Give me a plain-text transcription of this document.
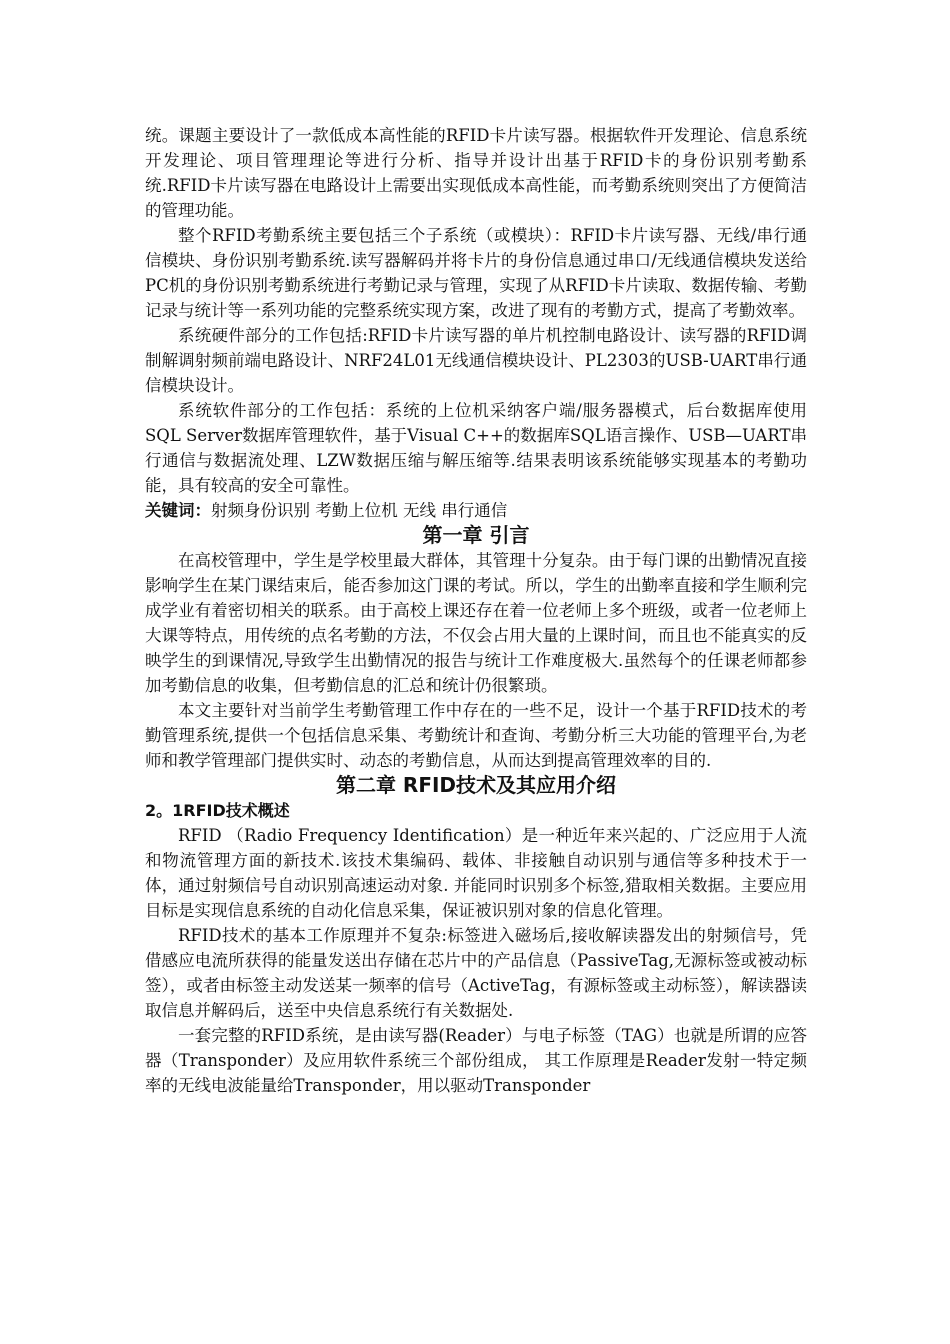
统。课题主要设计了一款低成本高性能的RFID卡片读写器。根据软件开发理论、信息系统开发理论、项目管理理论等进行分析、指导并设计出基于RFID卡的身份识别考勤系统.RFID卡片读写器在电路设计上需要出实现低成本高性能，而考勤系统则突出了方便简洁的管理功能。

整个RFID考勤系统主要包括三个子系统（或模块）：RFID卡片读写器、无线/串行通信模块、身份识别考勤系统.读写器解码并将卡片的身份信息通过串口/无线通信模块发送给PC机的身份识别考勤系统进行考勤记录与管理，实现了从RFID卡片读取、数据传输、考勤记录与统计等一系列功能的完整系统实现方案，改进了现有的考勤方式，提高了考勤效率。

系统硬件部分的工作包括:RFID卡片读写器的单片机控制电路设计、读写器的RFID调制解调射频前端电路设计、NRF24L01无线通信模块设计、PL2303的USB-UART串行通信模块设计。

系统软件部分的工作包括：系统的上位机采纳客户端/服务器模式，后台数据库使用 SQL Server数据库管理软件，基于Visual C++的数据库SQL语言操作、USB—UART串行通信与数据流处理、LZW数据压缩与解压缩等.结果表明该系统能够实现基本的考勤功能，具有较高的安全可靠性。

关键词：射频身份识别 考勤上位机 无线 串行通信

第一章 引言

在高校管理中，学生是学校里最大群体，其管理十分复杂。由于每门课的出勤情况直接影响学生在某门课结束后，能否参加这门课的考试。所以，学生的出勤率直接和学生顺利完成学业有着密切相关的联系。由于高校上课还存在着一位老师上多个班级，或者一位老师上大课等特点，用传统的点名考勤的方法，不仅会占用大量的上课时间，而且也不能真实的反映学生的到课情况,导致学生出勤情况的报告与统计工作难度极大.虽然每个的任课老师都参加考勤信息的收集，但考勤信息的汇总和统计仍很繁琐。

本文主要针对当前学生考勤管理工作中存在的一些不足，设计一个基于RFID技术的考勤管理系统,提供一个包括信息采集、考勤统计和查询、考勤分析三大功能的管理平台,为老师和教学管理部门提供实时、动态的考勤信息，从而达到提高管理效率的目的.

第二章 RFID技术及其应用介绍
2。1RFID技术概述

RFID （Radio Frequency Identification）是一种近年来兴起的、广泛应用于人流和物流管理方面的新技术.该技术集编码、载体、非接触自动识别与通信等多种技术于一体，通过射频信号自动识别高速运动对象. 并能同时识别多个标签,猎取相关数据。主要应用目标是实现信息系统的自动化信息采集，保证被识别对象的信息化管理。

RFID技术的基本工作原理并不复杂:标签进入磁场后,接收解读器发出的射频信号，凭借感应电流所获得的能量发送出存储在芯片中的产品信息（PassiveTag,无源标签或被动标签），或者由标签主动发送某一频率的信号（ActiveTag，有源标签或主动标签），解读器读取信息并解码后，送至中央信息系统行有关数据处.

一套完整的RFID系统，是由读写器(Reader）与电子标签（TAG）也就是所谓的应答器（Transponder）及应用软件系统三个部份组成， 其工作原理是Reader发射一特定频率的无线电波能量给Transponder，用以驱动Transponder
